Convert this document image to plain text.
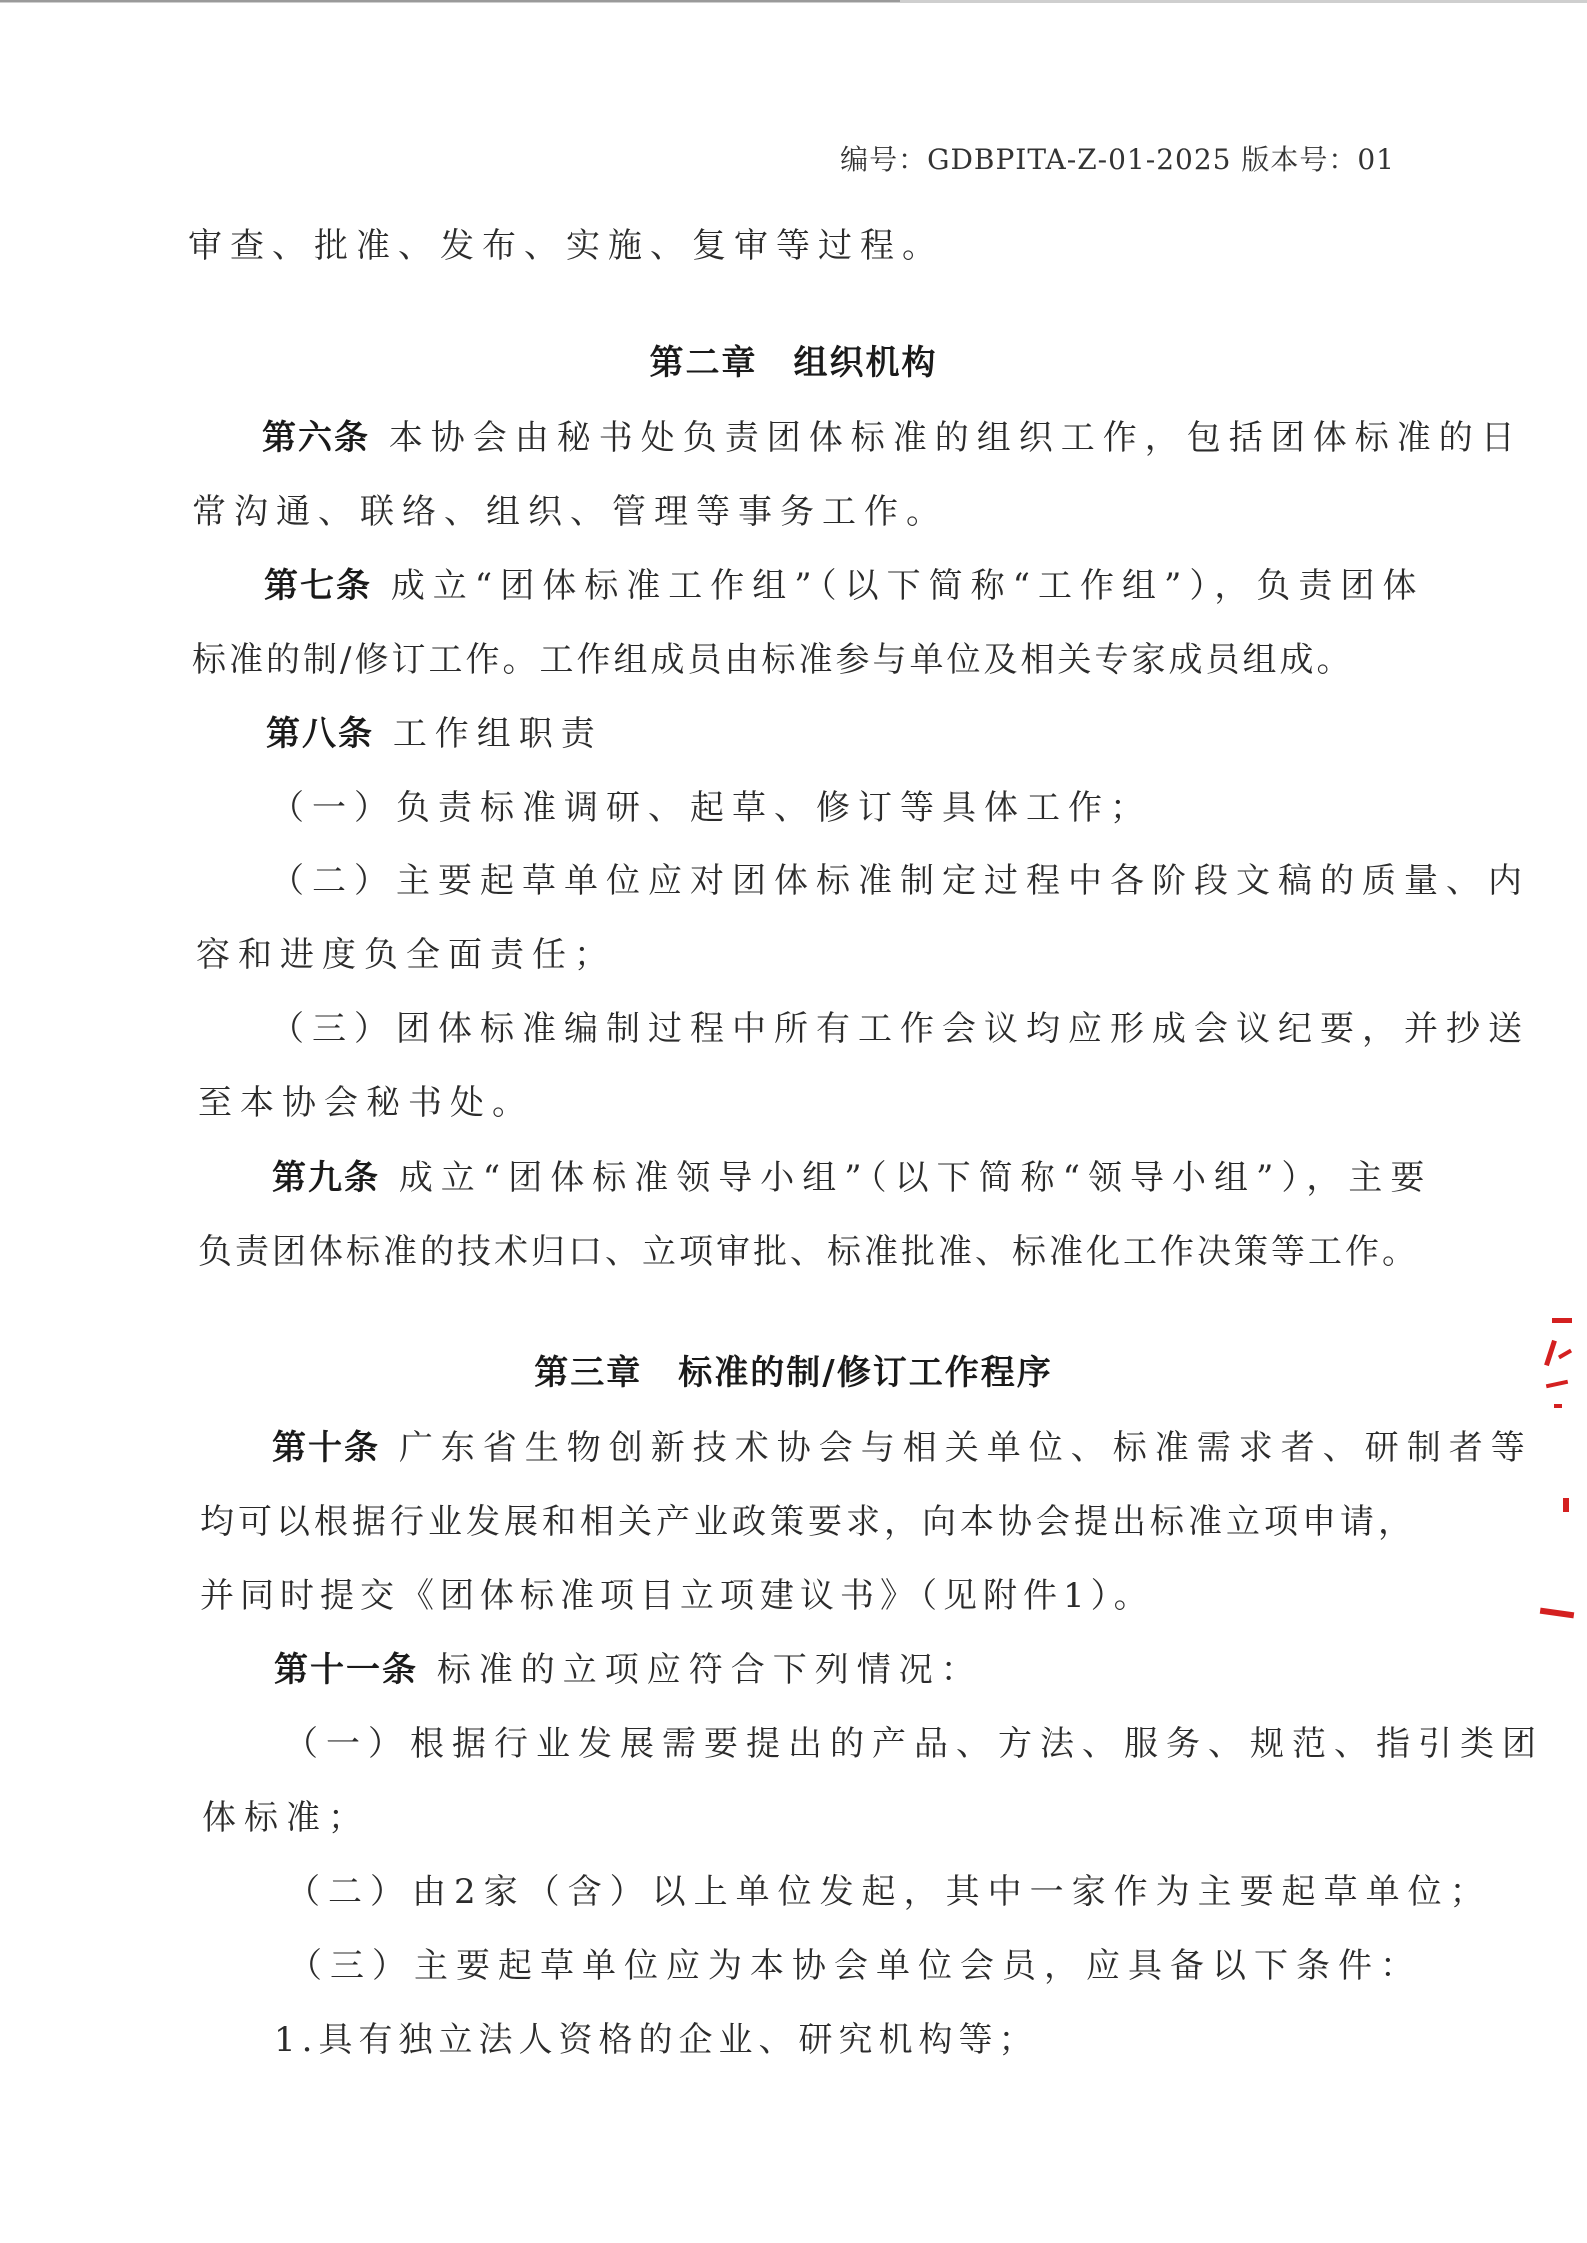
编号：GDBPITA-Z-01-2025 版本号：01
审查、批准、发布、实施、复审等过程。
第二章 组织机构
第六条 本协会由秘书处负责团体标准的组织工作，包括团体标准的日
常沟通、联络、组织、管理等事务工作。
第七条 成立“团体标准工作组”（以下简称“工作组”），负责团体
标准的制/修订工作。工作组成员由标准参与单位及相关专家成员组成。
第八条 工作组职责
（一）负责标准调研、起草、修订等具体工作；
（二）主要起草单位应对团体标准制定过程中各阶段文稿的质量、内
容和进度负全面责任；
（三）团体标准编制过程中所有工作会议均应形成会议纪要，并抄送
至本协会秘书处。
第九条 成立“团体标准领导小组”（以下简称“领导小组”），主要
负责团体标准的技术归口、立项审批、标准批准、标准化工作决策等工作。
第三章 标准的制/修订工作程序
第十条 广东省生物创新技术协会与相关单位、标准需求者、研制者等
均可以根据行业发展和相关产业政策要求，向本协会提出标准立项申请，
并同时提交《团体标准项目立项建议书》（见附件1）。
第十一条 标准的立项应符合下列情况：
（一）根据行业发展需要提出的产品、方法、服务、规范、指引类团
体标准；
（二）由2家（含）以上单位发起，其中一家作为主要起草单位；
（三）主要起草单位应为本协会单位会员，应具备以下条件：
1.具有独立法人资格的企业、研究机构等；
